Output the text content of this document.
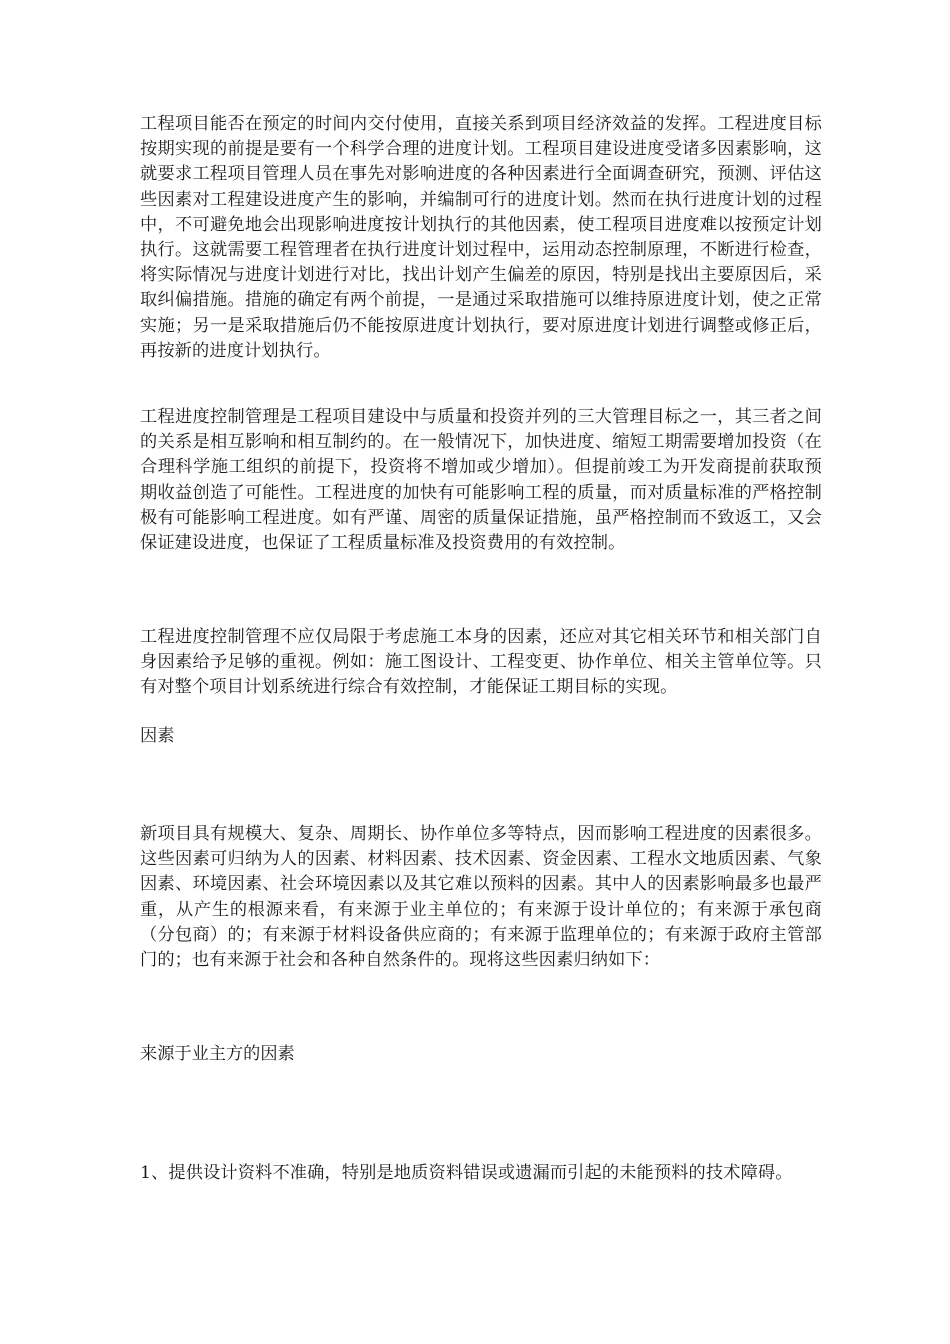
工程项目能否在预定的时间内交付使用，直接关系到项目经济效益的发挥。工程进度目标按期实现的前提是要有一个科学合理的进度计划。工程项目建设进度受诸多因素影响，这就要求工程项目管理人员在事先对影响进度的各种因素进行全面调查研究，预测、评估这些因素对工程建设进度产生的影响，并编制可行的进度计划。然而在执行进度计划的过程中，不可避免地会出现影响进度按计划执行的其他因素，使工程项目进度难以按预定计划执行。这就需要工程管理者在执行进度计划过程中，运用动态控制原理，不断进行检查，将实际情况与进度计划进行对比，找出计划产生偏差的原因，特别是找出主要原因后，采取纠偏措施。措施的确定有两个前提，一是通过采取措施可以维持原进度计划，使之正常实施；另一是采取措施后仍不能按原进度计划执行，要对原进度计划进行调整或修正后，再按新的进度计划执行。

工程进度控制管理是工程项目建设中与质量和投资并列的三大管理目标之一，其三者之间的关系是相互影响和相互制约的。在一般情况下，加快进度、缩短工期需要增加投资（在合理科学施工组织的前提下，投资将不增加或少增加）。但提前竣工为开发商提前获取预期收益创造了可能性。工程进度的加快有可能影响工程的质量，而对质量标准的严格控制极有可能影响工程进度。如有严谨、周密的质量保证措施，虽严格控制而不致返工，又会保证建设进度，也保证了工程质量标准及投资费用的有效控制。

工程进度控制管理不应仅局限于考虑施工本身的因素，还应对其它相关环节和相关部门自身因素给予足够的重视。例如：施工图设计、工程变更、协作单位、相关主管单位等。只有对整个项目计划系统进行综合有效控制，才能保证工期目标的实现。

因素

新项目具有规模大、复杂、周期长、协作单位多等特点，因而影响工程进度的因素很多。这些因素可归纳为人的因素、材料因素、技术因素、资金因素、工程水文地质因素、气象因素、环境因素、社会环境因素以及其它难以预料的因素。其中人的因素影响最多也最严重，从产生的根源来看，有来源于业主单位的；有来源于设计单位的；有来源于承包商（分包商）的；有来源于材料设备供应商的；有来源于监理单位的；有来源于政府主管部门的；也有来源于社会和各种自然条件的。现将这些因素归纳如下：

来源于业主方的因素

1、提供设计资料不准确，特别是地质资料错误或遗漏而引起的未能预料的技术障碍。
